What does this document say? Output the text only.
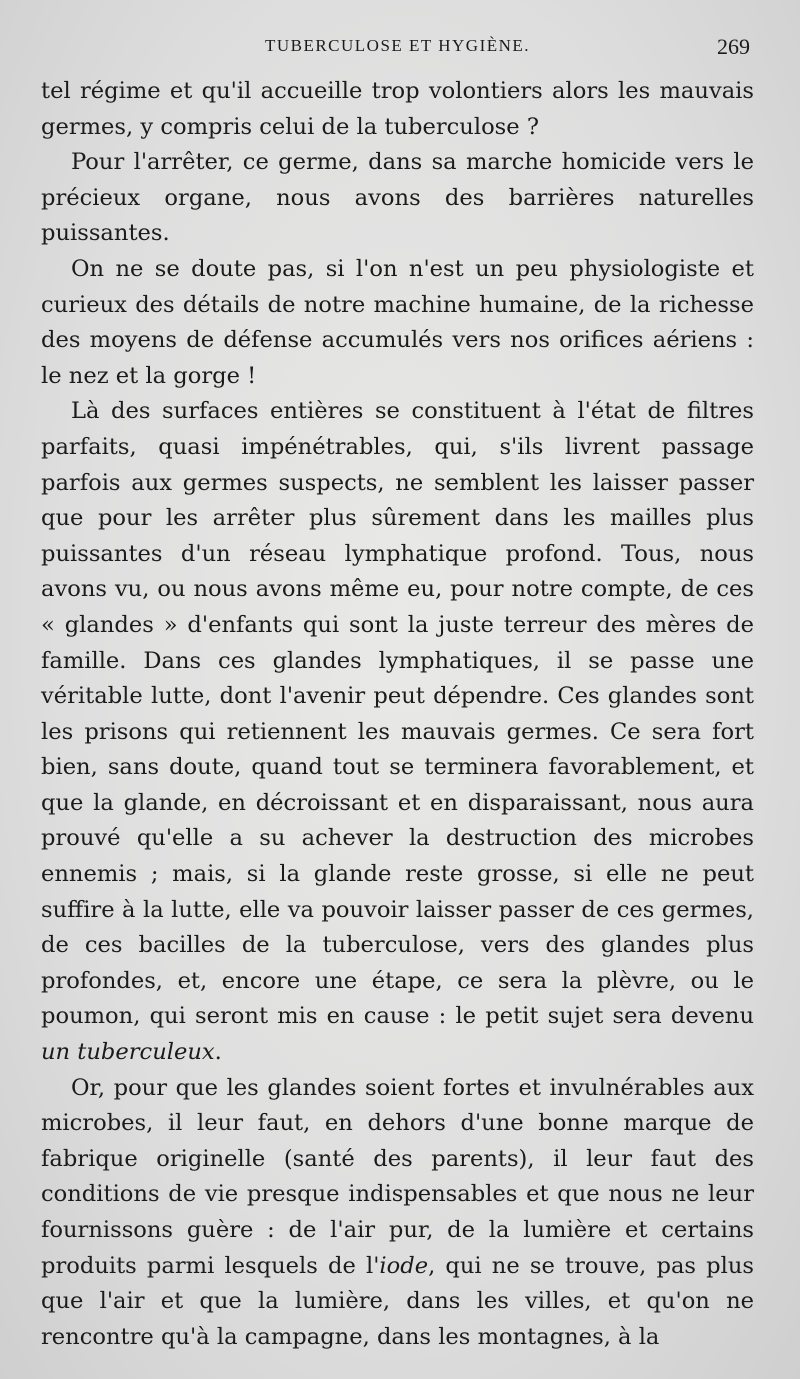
TUBERCULOSE ET HYGIÈNE.	269

tel régime et qu'il accueille trop volontiers alors les mauvais germes, y compris celui de la tuberculose ?

Pour l'arrêter, ce germe, dans sa marche homicide vers le précieux organe, nous avons des barrières naturelles puissantes.

On ne se doute pas, si l'on n'est un peu physiologiste et curieux des détails de notre machine humaine, de la richesse des moyens de défense accumulés vers nos orifices aériens : le nez et la gorge !

Là des surfaces entières se constituent à l'état de filtres parfaits, quasi impénétrables, qui, s'ils livrent passage parfois aux germes suspects, ne semblent les laisser passer que pour les arrêter plus sûrement dans les mailles plus puissantes d'un réseau lymphatique profond. Tous, nous avons vu, ou nous avons même eu, pour notre compte, de ces « glandes » d'enfants qui sont la juste terreur des mères de famille. Dans ces glandes lymphatiques, il se passe une véritable lutte, dont l'avenir peut dépendre. Ces glandes sont les prisons qui retiennent les mauvais germes. Ce sera fort bien, sans doute, quand tout se terminera favorablement, et que la glande, en décroissant et en disparaissant, nous aura prouvé qu'elle a su achever la destruction des microbes ennemis ; mais, si la glande reste grosse, si elle ne peut suffire à la lutte, elle va pouvoir laisser passer de ces germes, de ces bacilles de la tuberculose, vers des glandes plus profondes, et, encore une étape, ce sera la plèvre, ou le poumon, qui seront mis en cause : le petit sujet sera devenu un tuberculeux.

Or, pour que les glandes soient fortes et invulnérables aux microbes, il leur faut, en dehors d'une bonne marque de fabrique originelle (santé des parents), il leur faut des conditions de vie presque indispensables et que nous ne leur fournissons guère : de l'air pur, de la lumière et certains produits parmi lesquels de l'iode, qui ne se trouve, pas plus que l'air et que la lumière, dans les villes, et qu'on ne rencontre qu'à la campagne, dans les montagnes, à la
